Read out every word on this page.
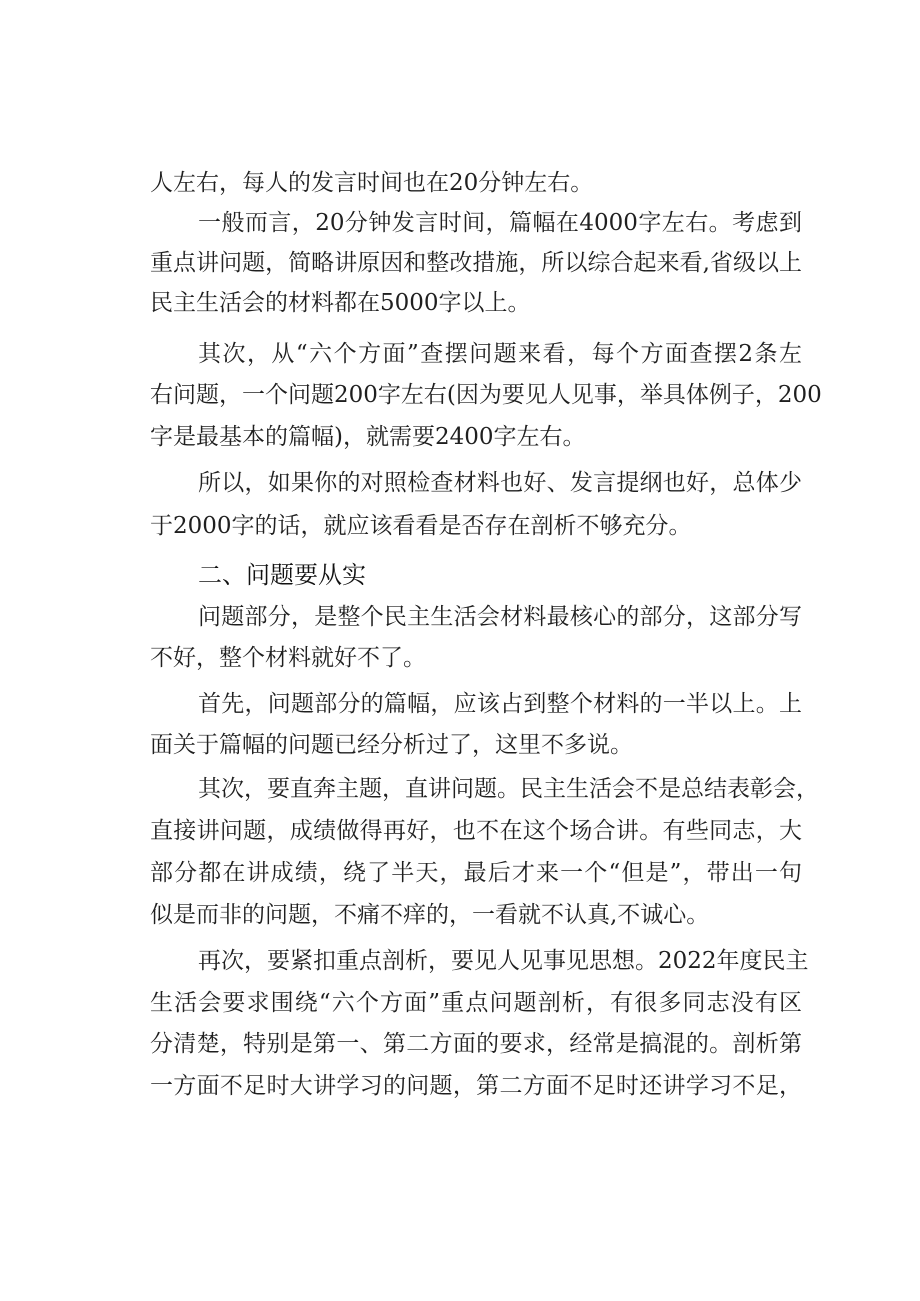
人左右，每人的发言时间也在20分钟左右。
一般而言，20分钟发言时间，篇幅在4000字左右。考虑到
重点讲问题，简略讲原因和整改措施，所以综合起来看,省级以上
民主生活会的材料都在5000字以上。
其次，从“六个方面”查摆问题来看，每个方面查摆2条左
右问题，一个问题200字左右(因为要见人见事，举具体例子，200
字是最基本的篇幅)，就需要2400字左右。
所以，如果你的对照检查材料也好、发言提纲也好，总体少
于2000字的话，就应该看看是否存在剖析不够充分。
二、问题要从实
问题部分，是整个民主生活会材料最核心的部分，这部分写
不好，整个材料就好不了。
首先，问题部分的篇幅，应该占到整个材料的一半以上。上
面关于篇幅的问题已经分析过了，这里不多说。
其次，要直奔主题，直讲问题。民主生活会不是总结表彰会，
直接讲问题，成绩做得再好，也不在这个场合讲。有些同志，大
部分都在讲成绩，绕了半天，最后才来一个“但是”，带出一句
似是而非的问题，不痛不痒的，一看就不认真,不诚心。
再次，要紧扣重点剖析，要见人见事见思想。2022年度民主
生活会要求围绕“六个方面”重点问题剖析，有很多同志没有区
分清楚，特别是第一、第二方面的要求，经常是搞混的。剖析第
一方面不足时大讲学习的问题，第二方面不足时还讲学习不足，
